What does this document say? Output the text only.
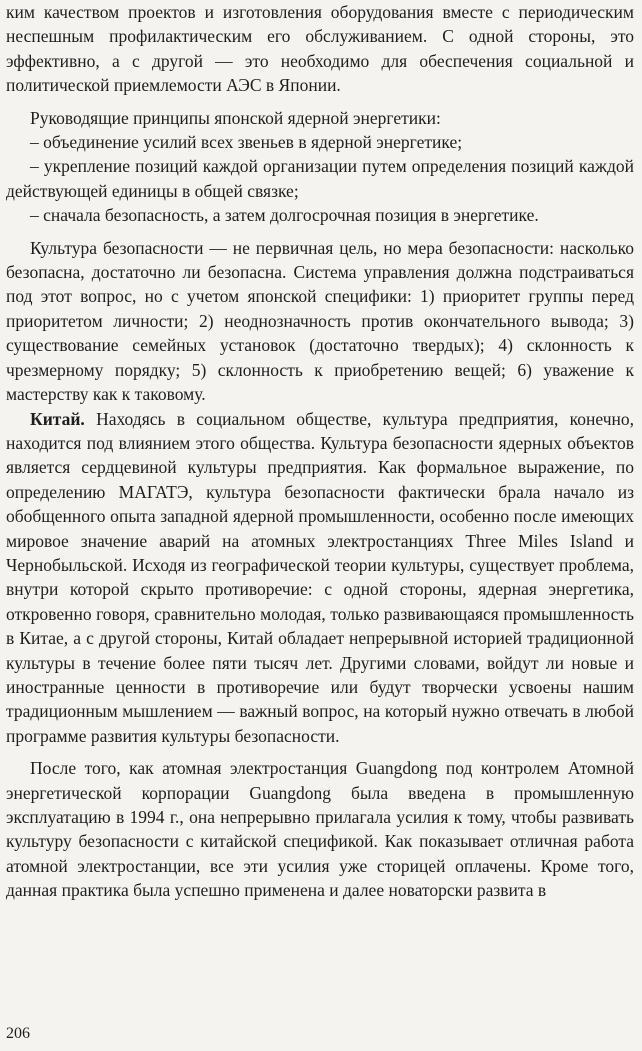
ким качеством проектов и изготовления оборудования вместе с периодическим неспешным профилактическим его обслуживанием. С одной стороны, это эффективно, а с другой — это необходимо для обеспечения социальной и политической приемлемости АЭС в Японии.

Руководящие принципы японской ядерной энергетики:

– объединение усилий всех звеньев в ядерной энергетике;

– укрепление позиций каждой организации путем определения позиций каждой действующей единицы в общей связке;

– сначала безопасность, а затем долгосрочная позиция в энергетике.

Культура безопасности — не первичная цель, но мера безопасности: насколько безопасна, достаточно ли безопасна. Система управления должна подстраиваться под этот вопрос, но с учетом японской специфики: 1) приоритет группы перед приоритетом личности; 2) неоднозначность против окончательного вывода; 3) существование семейных установок (достаточно твердых); 4) склонность к чрезмерному порядку; 5) склонность к приобретению вещей; 6) уважение к мастерству как к таковому.

Китай. Находясь в социальном обществе, культура предприятия, конечно, находится под влиянием этого общества. Культура безопасности ядерных объектов является сердцевиной культуры предприятия. Как формальное выражение, по определению МАГАТЭ, культура безопасности фактически брала начало из обобщенного опыта западной ядерной промышленности, особенно после имеющих мировое значение аварий на атомных электростанциях Three Miles Island и Чернобыльской. Исходя из географической теории культуры, существует проблема, внутри которой скрыто противоречие: с одной стороны, ядерная энергетика, откровенно говоря, сравнительно молодая, только развивающаяся промышленность в Китае, а с другой стороны, Китай обладает непрерывной историей традиционной культуры в течение более пяти тысяч лет. Другими словами, войдут ли новые и иностранные ценности в противоречие или будут творчески усвоены нашим традиционным мышлением — важный вопрос, на который нужно отвечать в любой программе развития культуры безопасности.

После того, как атомная электростанция Guangdong под контролем Атомной энергетической корпорации Guangdong была введена в промышленную эксплуатацию в 1994 г., она непрерывно прилагала усилия к тому, чтобы развивать культуру безопасности с китайской спецификой. Как показывает отличная работа атомной электростанции, все эти усилия уже сторицей оплачены. Кроме того, данная практика была успешно применена и далее новаторски развита в

206
